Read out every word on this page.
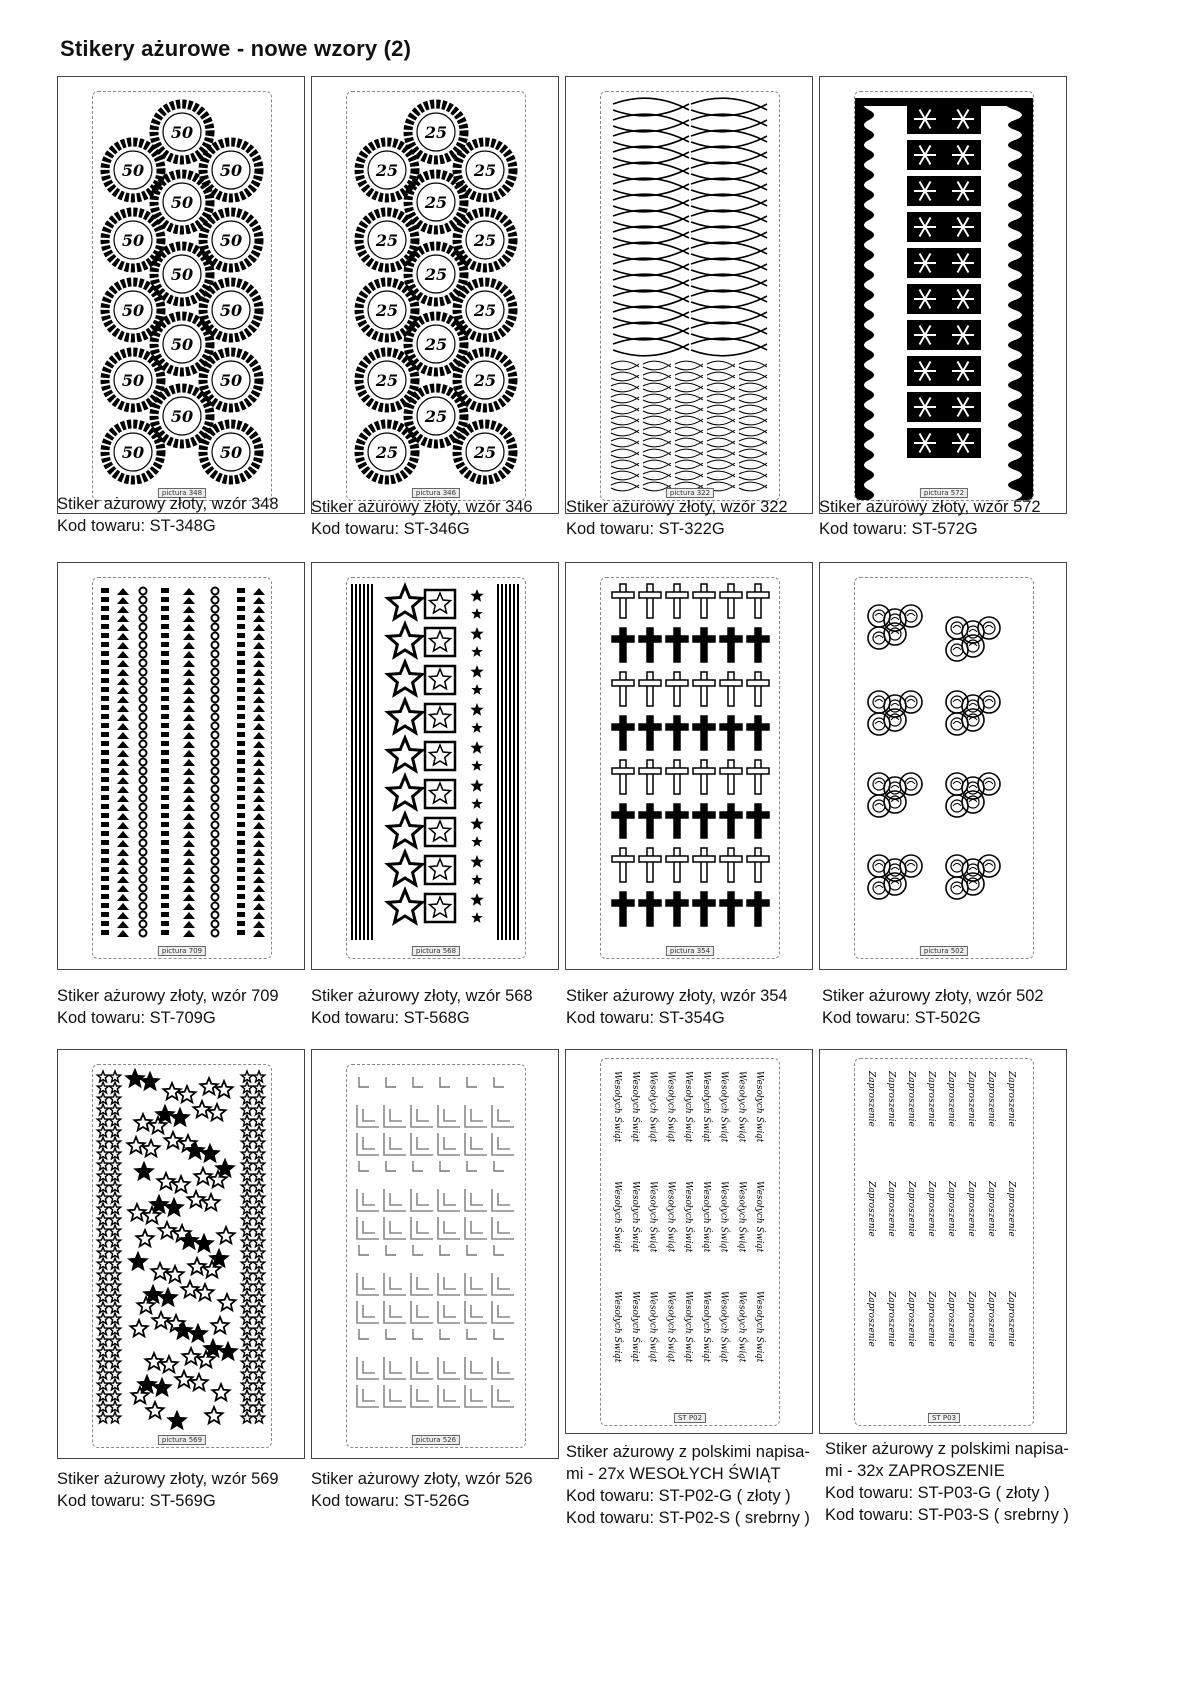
Stikery ażurowe - nowe wzory (2)
50
50	50
50
50	50
50
50	50
50
50	50
50
50	50
pictura 348
25
25	25
25
25	25
25
25	25
25
25	25
25
25	25
pictura 346	pictura 322	pictura 572
Stiker ażurowy złoty, wzór 348
Kod towaru: ST-348G
Stiker ażurowy złoty, wzór 346
Kod towaru: ST-346G
Stiker ażurowy złoty, wzór 322
Kod towaru: ST-322G
Stiker ażurowy złoty, wzór 572
Kod towaru: ST-572G
pictura 709	pictura 568	pictura 354	pictura 502
Stiker ażurowy złoty, wzór 709
Kod towaru: ST-709G
Stiker ażurowy złoty, wzór 568
Kod towaru: ST-568G
Stiker ażurowy złoty, wzór 354
Kod towaru: ST-354G
Stiker ażurowy złoty, wzór 502
Kod towaru: ST-502G
pictura 569	pictura 526
Wesołych Świąt
Wesołych Świąt
Wesołych Świąt
Wesołych Świąt
Wesołych Świąt
Wesołych Świąt
Wesołych Świąt
Wesołych Świąt
Wesołych Świąt
Wesołych Świąt
Wesołych Świąt
Wesołych Świąt
Wesołych Świąt
Wesołych Świąt
Wesołych Świąt
Wesołych Świąt
Wesołych Świąt
Wesołych Świąt
Wesołych Świąt
Wesołych Świąt
Wesołych Świąt
Wesołych Świąt
Wesołych Świąt
Wesołych Świąt
Wesołych Świąt
Wesołych Świąt
Wesołych Świąt
ST P02
Zaproszenie
Zaproszenie
Zaproszenie
Zaproszenie
Zaproszenie
Zaproszenie
Zaproszenie
Zaproszenie
Zaproszenie
Zaproszenie
Zaproszenie
Zaproszenie
Zaproszenie
Zaproszenie
Zaproszenie
Zaproszenie
Zaproszenie
Zaproszenie
Zaproszenie
Zaproszenie
Zaproszenie
Zaproszenie
Zaproszenie
Zaproszenie
ST P03
Stiker ażurowy złoty, wzór 569
Kod towaru: ST-569G
Stiker ażurowy złoty, wzór 526
Kod towaru: ST-526G
Stiker ażurowy z polskimi napisa-
mi - 27x WESOŁYCH ŚWIĄT
Kod towaru: ST-P02-G ( złoty )
Kod towaru: ST-P02-S ( srebrny )
Stiker ażurowy z polskimi napisa-
mi - 32x ZAPROSZENIE
Kod towaru: ST-P03-G ( złoty )
Kod towaru: ST-P03-S ( srebrny )
